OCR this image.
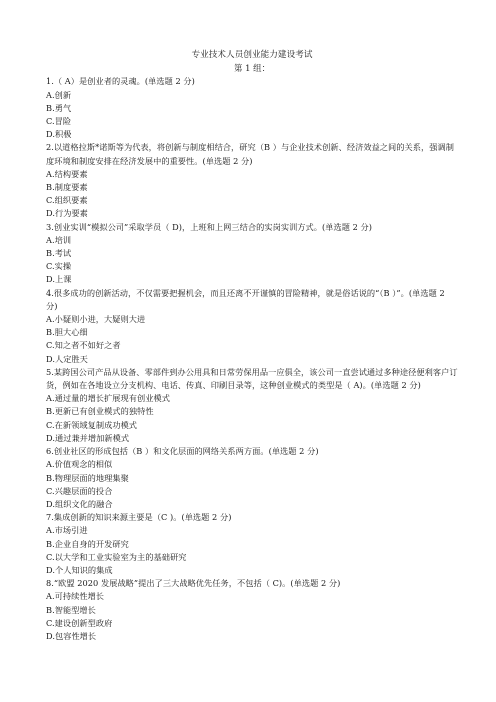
专业技术人员创业能力建设考试

第 1 组：

1.（ A）是创业者的灵魂。(单选题 2 分)

A.创新

B.勇气

C.冒险

D.积极

2.以道格拉斯*诺斯等为代表，将创新与制度相结合，研究（B ）与企业技术创新、经济效益之间的关系，强调制度环境和制度安排在经济发展中的重要性。(单选题 2 分)

A.结构要素

B.制度要素

C.组织要素

D.行为要素

3.创业实训“模拟公司”采取学员（ D)，上班和上网三结合的实岗实训方式。(单选题 2 分)

A.培训

B.考试

C.实操

D.上课

4.很多成功的创新活动，不仅需要把握机会，而且还离不开谨慎的冒险精神，就是俗话说的“（B ）”。(单选题 2 分)

A.小疑则小进，大疑则大进

B.胆大心细

C.知之者不如好之者

D.人定胜天

5.某跨国公司产品从设备、零部件到办公用具和日常劳保用品一应俱全，该公司一直尝试通过多种途径便利客户订货，例如在各地设立分支机构、电话、传真、印刷目录等，这种创业模式的类型是（ A)。(单选题 2 分)

A.通过量的增长扩展现有创业模式

B.更新已有创业模式的独特性

C.在新领域复制成功模式

D.通过兼并增加新模式

6.创业社区的形成包括（B ）和文化层面的网络关系两方面。(单选题 2 分)

A.价值观念的相似

B.物理层面的地理集聚

C.兴趣层面的投合

D.组织文化的融合

7.集成创新的知识来源主要是（C )。(单选题 2 分)

A.市场引进

B.企业自身的开发研究

C.以大学和工业实验室为主的基础研究

D.个人知识的集成

8.“欧盟 2020 发展战略”提出了三大战略优先任务，不包括（ C)。(单选题 2 分)

A.可持续性增长

B.智能型增长

C.建设创新型政府

D.包容性增长
